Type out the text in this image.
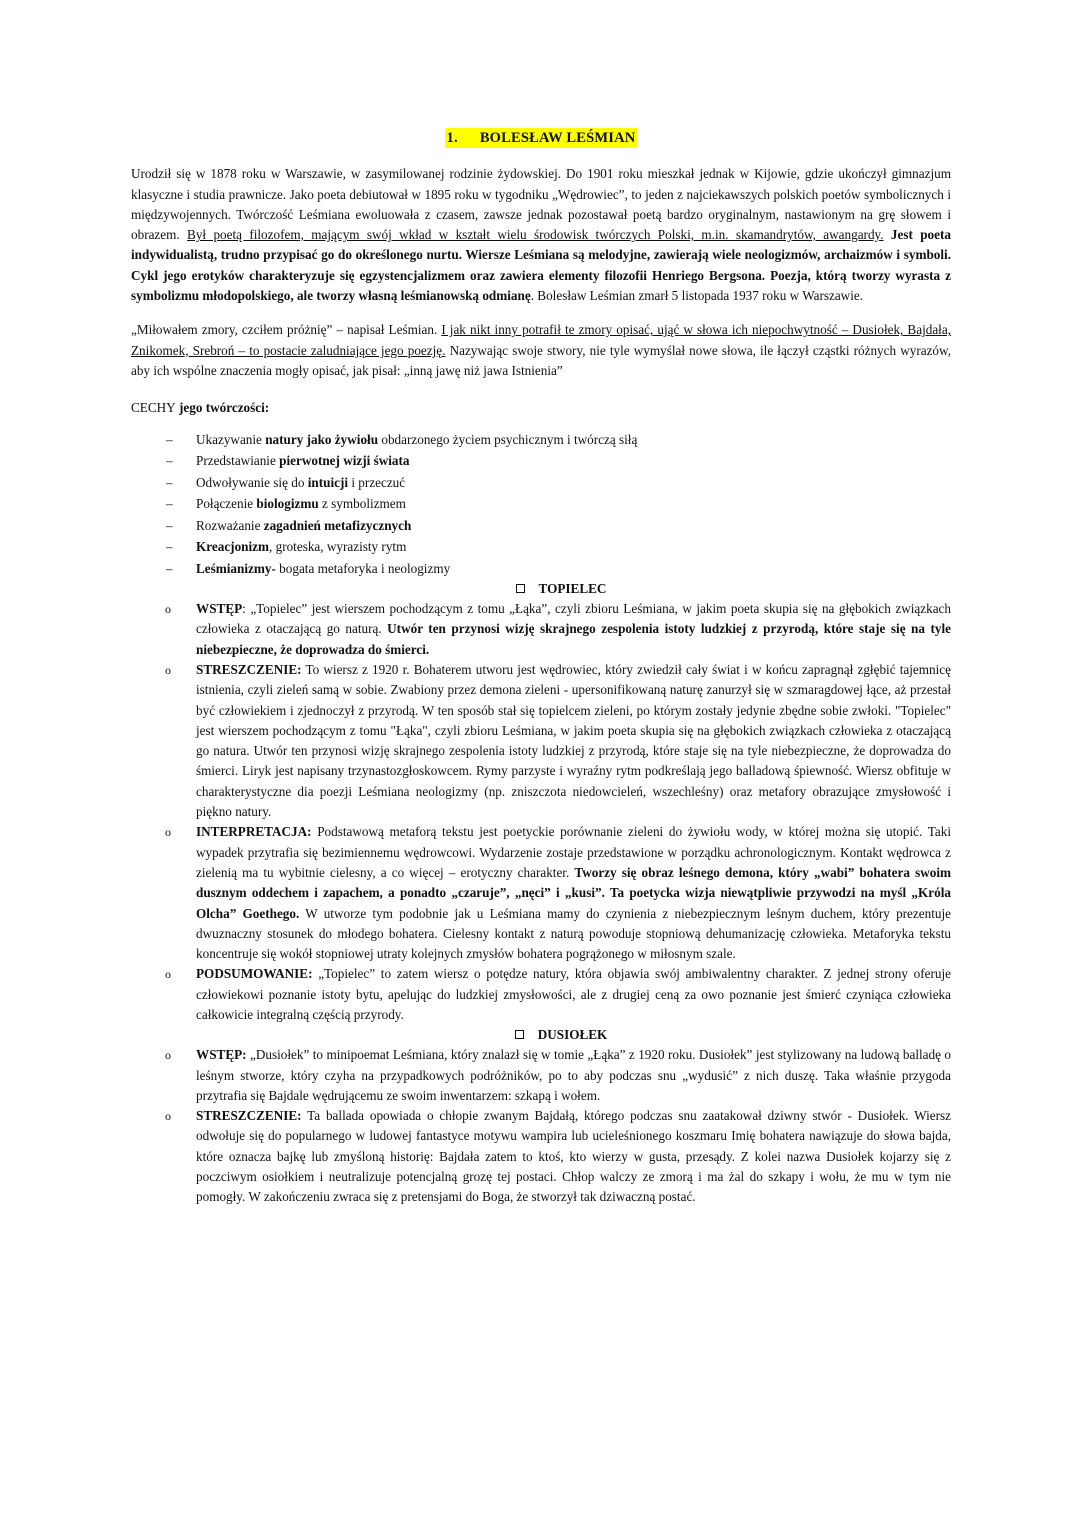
1. BOLESŁAW LEŚMIAN

Urodził się w 1878 roku w Warszawie, w zasymilowanej rodzinie żydowskiej. Do 1901 roku mieszkał jednak w Kijowie, gdzie ukończył gimnazjum klasyczne i studia prawnicze. Jako poeta debiutował w 1895 roku w tygodniku „Wędrowiec”, to jeden z najciekawszych polskich poetów symbolicznych i międzywojennych. Twórczość Leśmiana ewoluowała z czasem, zawsze jednak pozostawał poetą bardzo oryginalnym, nastawionym na grę słowem i obrazem. Był poetą filozofem, mającym swój wkład w kształt wielu środowisk twórczych Polski, m.in. skamandrytów, awangardy. Jest poeta indywidualistą, trudno przypisać go do określonego nurtu. Wiersze Leśmiana są melodyjne, zawierają wiele neologizmów, archaizmów i symboli. Cykl jego erotyków charakteryzuje się egzystencjalizmem oraz zawiera elementy filozofii Henriego Bergsona. Poezja, którą tworzy wyrasta z symbolizmu młodopolskiego, ale tworzy własną leśmianowską odmianę. Bolesław Leśmian zmarł 5 listopada 1937 roku w Warszawie.

„Miłowałem zmory, czciłem próżnię” – napisał Leśmian. I jak nikt inny potrafił te zmory opisać, ująć w słowa ich niepochwytność – Dusiołek, Bajdała, Znikomek, Srebroń – to postacie zaludniające jego poezję. Nazywając swoje stwory, nie tyle wymyślał nowe słowa, ile łączył cząstki różnych wyrazów, aby ich wspólne znaczenia mogły opisać, jak pisał: „inną jawę niż jawa Istnienia”

CECHY jego twórczości:

– Ukazywanie natury jako żywiołu obdarzonego życiem psychicznym i twórczą siłą
– Przedstawianie pierwotnej wizji świata
– Odwoływanie się do intuicji i przeczuć
– Połączenie biologizmu z symbolizmem
– Rozważanie zagadnień metafizycznych
– Kreacjonizm, groteska, wyrazisty rytm
– Leśmianizmy- bogata metaforyka i neologizmy
TOPIELEC
o WSTĘP: „Topielec” jest wierszem pochodzącym z tomu „Łąka”, czyli zbioru Leśmiana, w jakim poeta skupia się na głębokich związkach człowieka z otaczającą go naturą. Utwór ten przynosi wizję skrajnego zespolenia istoty ludzkiej z przyrodą, które staje się na tyle niebezpieczne, że doprowadza do śmierci.
o STRESZCZENIE: To wiersz z 1920 r. Bohaterem utworu jest wędrowiec, który zwiedził cały świat i w końcu zapragnął zgłębić tajemnicę istnienia, czyli zieleń samą w sobie. Zwabiony przez demona zieleni - upersonifikowaną naturę zanurzył się w szmaragdowej łące, aż przestał być człowiekiem i zjednoczył z przyrodą. W ten sposób stał się topielcem zieleni, po którym zostały jedynie zbędne sobie zwłoki. "Topielec" jest wierszem pochodzącym z tomu "Łąka", czyli zbioru Leśmiana, w jakim poeta skupia się na głębokich związkach człowieka z otaczającą go natura. Utwór ten przynosi wizję skrajnego zespolenia istoty ludzkiej z przyrodą, które staje się na tyle niebezpieczne, że doprowadza do śmierci. Liryk jest napisany trzynastozgłoskowcem. Rymy parzyste i wyraźny rytm podkreślają jego balladową śpiewność. Wiersz obfituje w charakterystyczne dia poezji Leśmiana neologizmy (np. zniszczota niedowcieleń, wszechleśny) oraz metafory obrazujące zmysłowość i piękno natury.
o INTERPRETACJA: Podstawową metaforą tekstu jest poetyckie porównanie zieleni do żywiołu wody, w której można się utopić. Taki wypadek przytrafia się bezimiennemu wędrowcowi. Wydarzenie zostaje przedstawione w porządku achronologicznym. Kontakt wędrowca z zielenią ma tu wybitnie cielesny, a co więcej – erotyczny charakter. Tworzy się obraz leśnego demona, który „wabi” bohatera swoim dusznym oddechem i zapachem, a ponadto „czaruje”, „nęci” i „kusi”. Ta poetycka wizja niewątpliwie przywodzi na myśl „Króla Olcha” Goethego. W utworze tym podobnie jak u Leśmiana mamy do czynienia z niebezpiecznym leśnym duchem, który prezentuje dwuznaczny stosunek do młodego bohatera. Cielesny kontakt z naturą powoduje stopniową dehumanizację człowieka. Metaforyka tekstu koncentruje się wokół stopniowej utraty kolejnych zmysłów bohatera pogrążonego w miłosnym szale.
o PODSUMOWANIE: „Topielec” to zatem wiersz o potędze natury, która objawia swój ambiwalentny charakter. Z jednej strony oferuje człowiekowi poznanie istoty bytu, apelując do ludzkiej zmysłowości, ale z drugiej ceną za owo poznanie jest śmierć czyniąca człowieka całkowicie integralną częścią przyrody.
DUSIOŁEK
o WSTĘP: „Dusiołek” to minipoemat Leśmiana, który znalazł się w tomie „Łąka” z 1920 roku. Dusiołek” jest stylizowany na ludową balladę o leśnym stworze, który czyha na przypadkowych podróżników, po to aby podczas snu „wydusić” z nich duszę. Taka właśnie przygoda przytrafia się Bajdale wędrującemu ze swoim inwentarzem: szkapą i wołem.
o STRESZCZENIE: Ta ballada opowiada o chłopie zwanym Bajdałą, którego podczas snu zaatakował dziwny stwór - Dusiołek. Wiersz odwołuje się do popularnego w ludowej fantastyce motywu wampira lub ucieleśnionego koszmaru Imię bohatera nawiązuje do słowa bajda, które oznacza bajkę lub zmyśloną historię: Bajdała zatem to ktoś, kto wierzy w gusta, przesądy. Z kolei nazwa Dusiołek kojarzy się z poczciwym osiołkiem i neutralizuje potencjalną grozę tej postaci. Chłop walczy ze zmorą i ma żal do szkapy i wołu, że mu w tym nie pomogły. W zakończeniu zwraca się z pretensjami do Boga, że stworzył tak dziwaczną postać.
